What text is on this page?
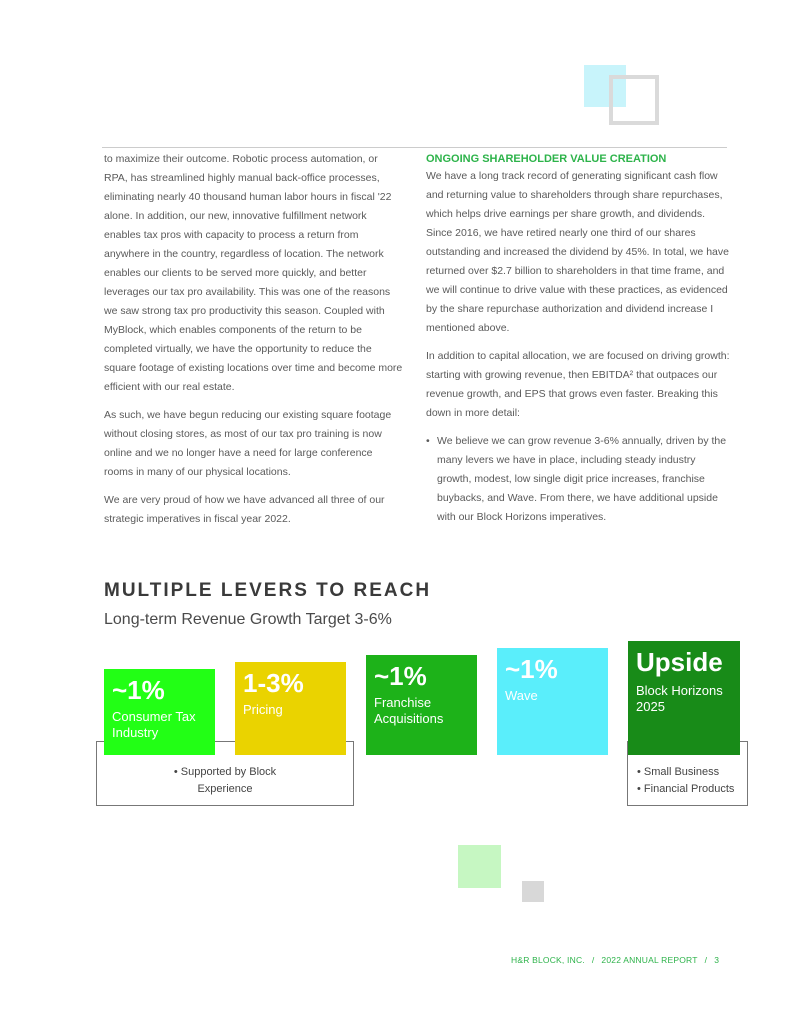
to maximize their outcome. Robotic process automation, or RPA, has streamlined highly manual back-office processes, eliminating nearly 40 thousand human labor hours in fiscal '22 alone. In addition, our new, innovative fulfillment network enables tax pros with capacity to process a return from anywhere in the country, regardless of location. The network enables our clients to be served more quickly, and better leverages our tax pro availability. This was one of the reasons we saw strong tax pro productivity this season. Coupled with MyBlock, which enables components of the return to be completed virtually, we have the opportunity to reduce the square footage of existing locations over time and become more efficient with our real estate.

As such, we have begun reducing our existing square footage without closing stores, as most of our tax pro training is now online and we no longer have a need for large conference rooms in many of our physical locations.

We are very proud of how we have advanced all three of our strategic imperatives in fiscal year 2022.

ONGOING SHAREHOLDER VALUE CREATION

We have a long track record of generating significant cash flow and returning value to shareholders through share repurchases, which helps drive earnings per share growth, and dividends. Since 2016, we have retired nearly one third of our shares outstanding and increased the dividend by 45%. In total, we have returned over $2.7 billion to shareholders in that time frame, and we will continue to drive value with these practices, as evidenced by the share repurchase authorization and dividend increase I mentioned above.

In addition to capital allocation, we are focused on driving growth: starting with growing revenue, then EBITDA² that outpaces our revenue growth, and EPS that grows even faster. Breaking this down in more detail:

• We believe we can grow revenue 3-6% annually, driven by the many levers we have in place, including steady industry growth, modest, low single digit price increases, franchise buybacks, and Wave. From there, we have additional upside with our Block Horizons imperatives.
MULTIPLE LEVERS TO REACH
Long-term Revenue Growth Target 3-6%
~1%
Consumer Tax Industry
1-3%
Pricing
~1%
Franchise Acquisitions
~1%
Wave
Upside
Block Horizons 2025
• Supported by Block Experience
• Small Business
• Financial Products
H&R BLOCK, INC. / 2022 ANNUAL REPORT / 3
